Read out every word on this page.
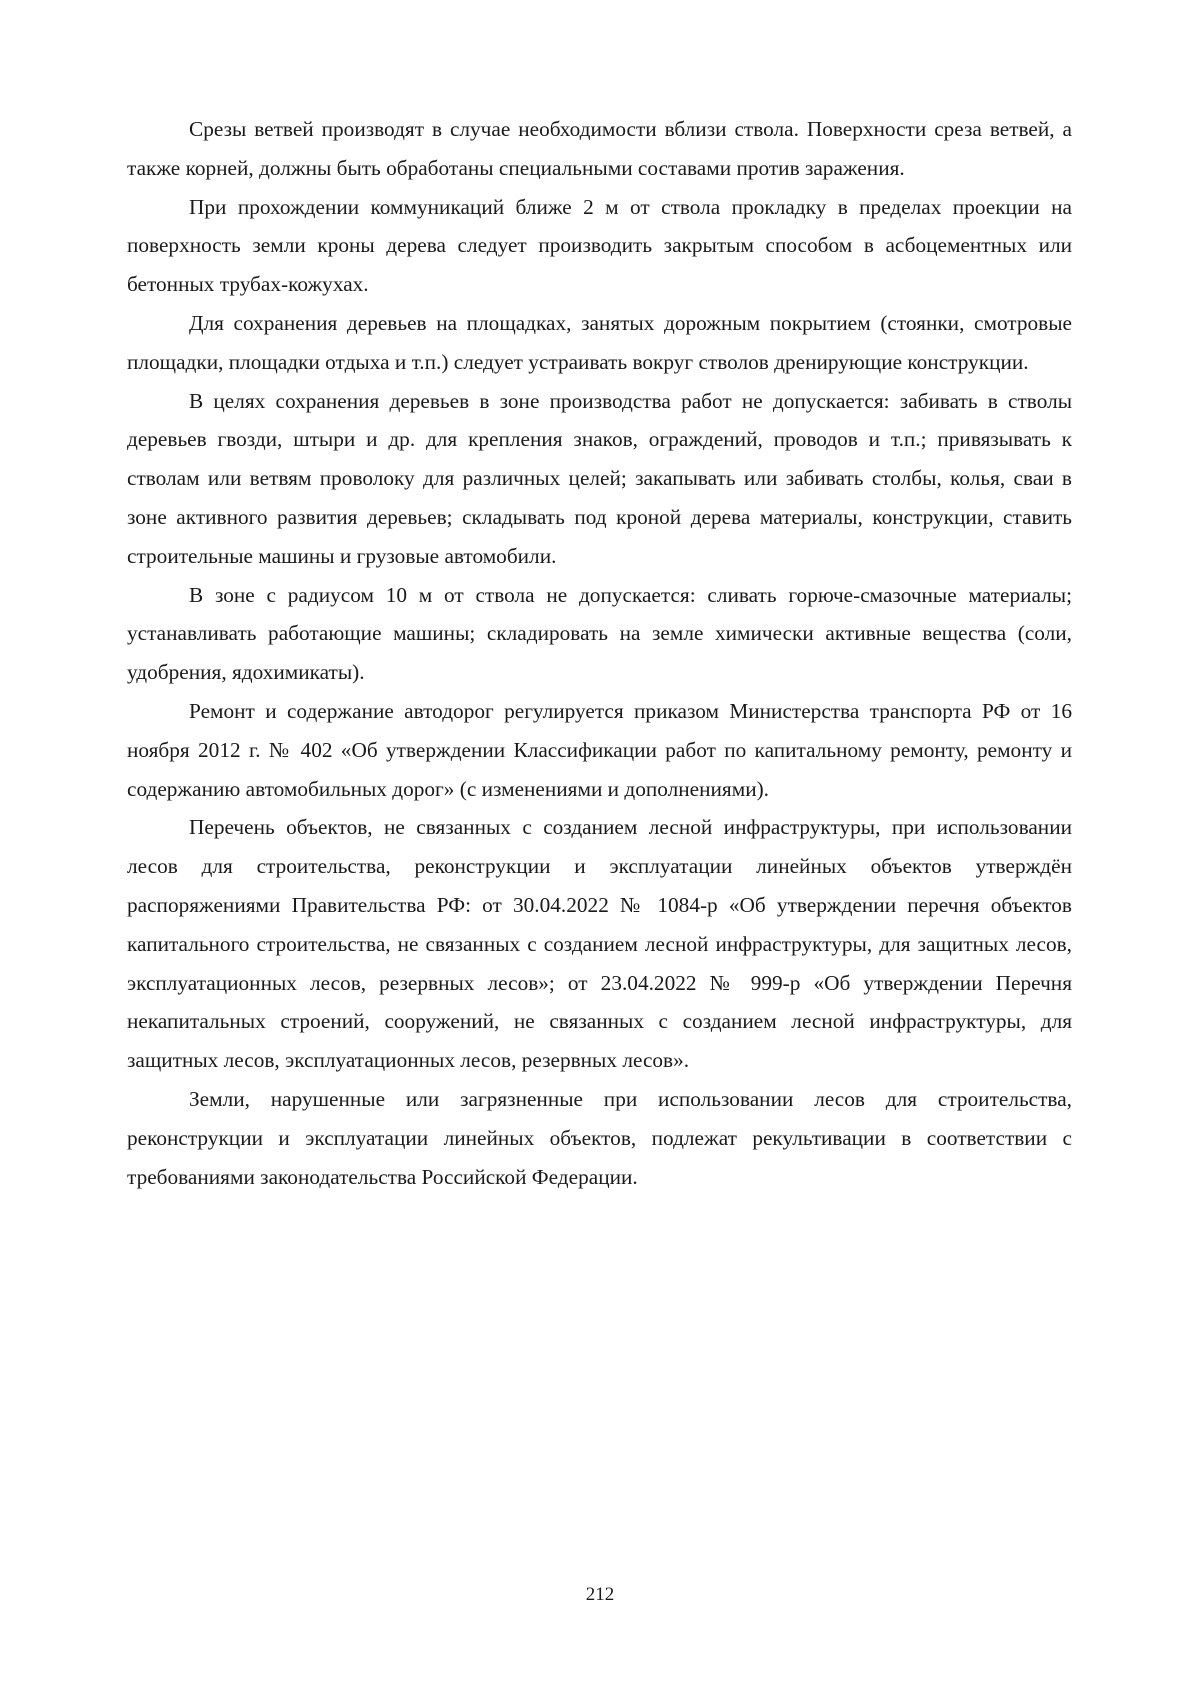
Срезы ветвей производят в случае необходимости вблизи ствола. Поверхности среза ветвей, а также корней, должны быть обработаны специальными составами против заражения.

При прохождении коммуникаций ближе 2 м от ствола прокладку в пределах проекции на поверхность земли кроны дерева следует производить закрытым способом в асбоцементных или бетонных трубах-кожухах.

Для сохранения деревьев на площадках, занятых дорожным покрытием (стоянки, смотровые площадки, площадки отдыха и т.п.) следует устраивать вокруг стволов дренирующие конструкции.

В целях сохранения деревьев в зоне производства работ не допускается: забивать в стволы деревьев гвозди, штыри и др. для крепления знаков, ограждений, проводов и т.п.; привязывать к стволам или ветвям проволоку для различных целей; закапывать или забивать столбы, колья, сваи в зоне активного развития деревьев; складывать под кроной дерева материалы, конструкции, ставить строительные машины и грузовые автомобили.

В зоне с радиусом 10 м от ствола не допускается: сливать горюче-смазочные материалы; устанавливать работающие машины; складировать на земле химически активные вещества (соли, удобрения, ядохимикаты).

Ремонт и содержание автодорог регулируется приказом Министерства транспорта РФ от 16 ноября 2012 г. № 402 «Об утверждении Классификации работ по капитальному ремонту, ремонту и содержанию автомобильных дорог» (с изменениями и дополнениями).

Перечень объектов, не связанных с созданием лесной инфраструктуры, при использовании лесов для строительства, реконструкции и эксплуатации линейных объектов утверждён распоряжениями Правительства РФ: от 30.04.2022 № 1084-р «Об утверждении перечня объектов капитального строительства, не связанных с созданием лесной инфраструктуры, для защитных лесов, эксплуатационных лесов, резервных лесов»; от 23.04.2022 № 999-р «Об утверждении Перечня некапитальных строений, сооружений, не связанных с созданием лесной инфраструктуры, для защитных лесов, эксплуатационных лесов, резервных лесов».

Земли, нарушенные или загрязненные при использовании лесов для строительства, реконструкции и эксплуатации линейных объектов, подлежат рекультивации в соответствии с требованиями законодательства Российской Федерации.

212
